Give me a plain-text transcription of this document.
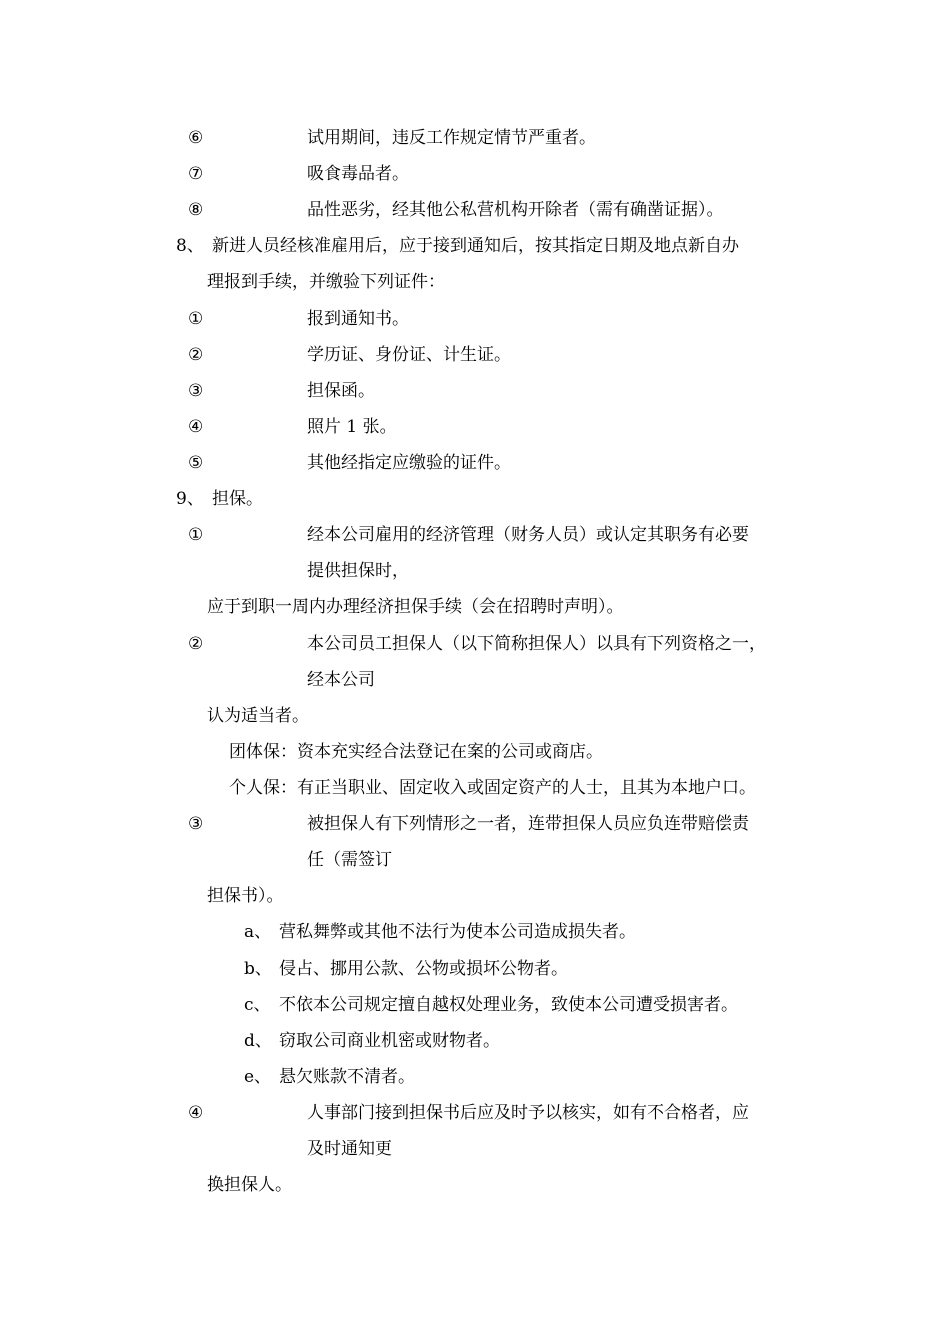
⑥	试用期间，违反工作规定情节严重者。
⑦	吸食毒品者。
⑧	品性恶劣，经其他公私营机构开除者（需有确凿证据）。
8、 新进人员经核准雇用后，应于接到通知后，按其指定日期及地点新自办
理报到手续，并缴验下列证件：
①	报到通知书。
②	学历证、身份证、计生证。
③	担保函。
④	照片 1 张。
⑤	其他经指定应缴验的证件。
9、 担保。
①	经本公司雇用的经济管理（财务人员）或认定其职务有必要
提供担保时，
应于到职一周内办理经济担保手续（会在招聘时声明）。
②	本公司员工担保人（以下简称担保人）以具有下列资格之一，
经本公司
认为适当者。
团体保：资本充实经合法登记在案的公司或商店。
个人保：有正当职业、固定收入或固定资产的人士，且其为本地户口。
③	被担保人有下列情形之一者，连带担保人员应负连带赔偿责
任（需签订
担保书）。
a、 营私舞弊或其他不法行为使本公司造成损失者。
b、 侵占、挪用公款、公物或损坏公物者。
c、 不依本公司规定擅自越权处理业务，致使本公司遭受损害者。
d、 窃取公司商业机密或财物者。
e、 悬欠账款不清者。
④	人事部门接到担保书后应及时予以核实，如有不合格者，应
及时通知更
换担保人。
